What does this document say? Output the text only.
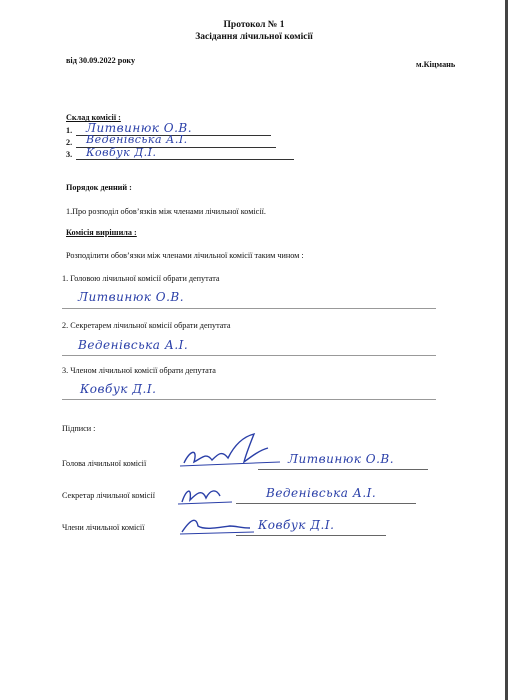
Протокол № 1
Засідання лічильної комісії
від 30.09.2022 року	м.Кіцмань
Склад комісії :
1. Литвинюк О.В.
2. Веденівська А.І.
3. Ковбук Д.І.
Порядок денний :
1.Про розподіл обов’язків між членами лічильної комісії.
Комісія вирішила :
Розподілити обов’язки між членами лічильної комісії таким чином :
1. Головою лічильної комісії обрати депутата
Литвинюк О.В.
2. Секретарем лічильної комісії обрати депутата
Веденівська А.І.
3. Членом лічильної комісії обрати депутата
Ковбук Д.І.
Підписи :
Голова лічильної комісії	Литвинюк О.В.
Секретар лічильної комісії	Веденівська А.І.
Члени лічильної комісії	Ковбук Д.І.
